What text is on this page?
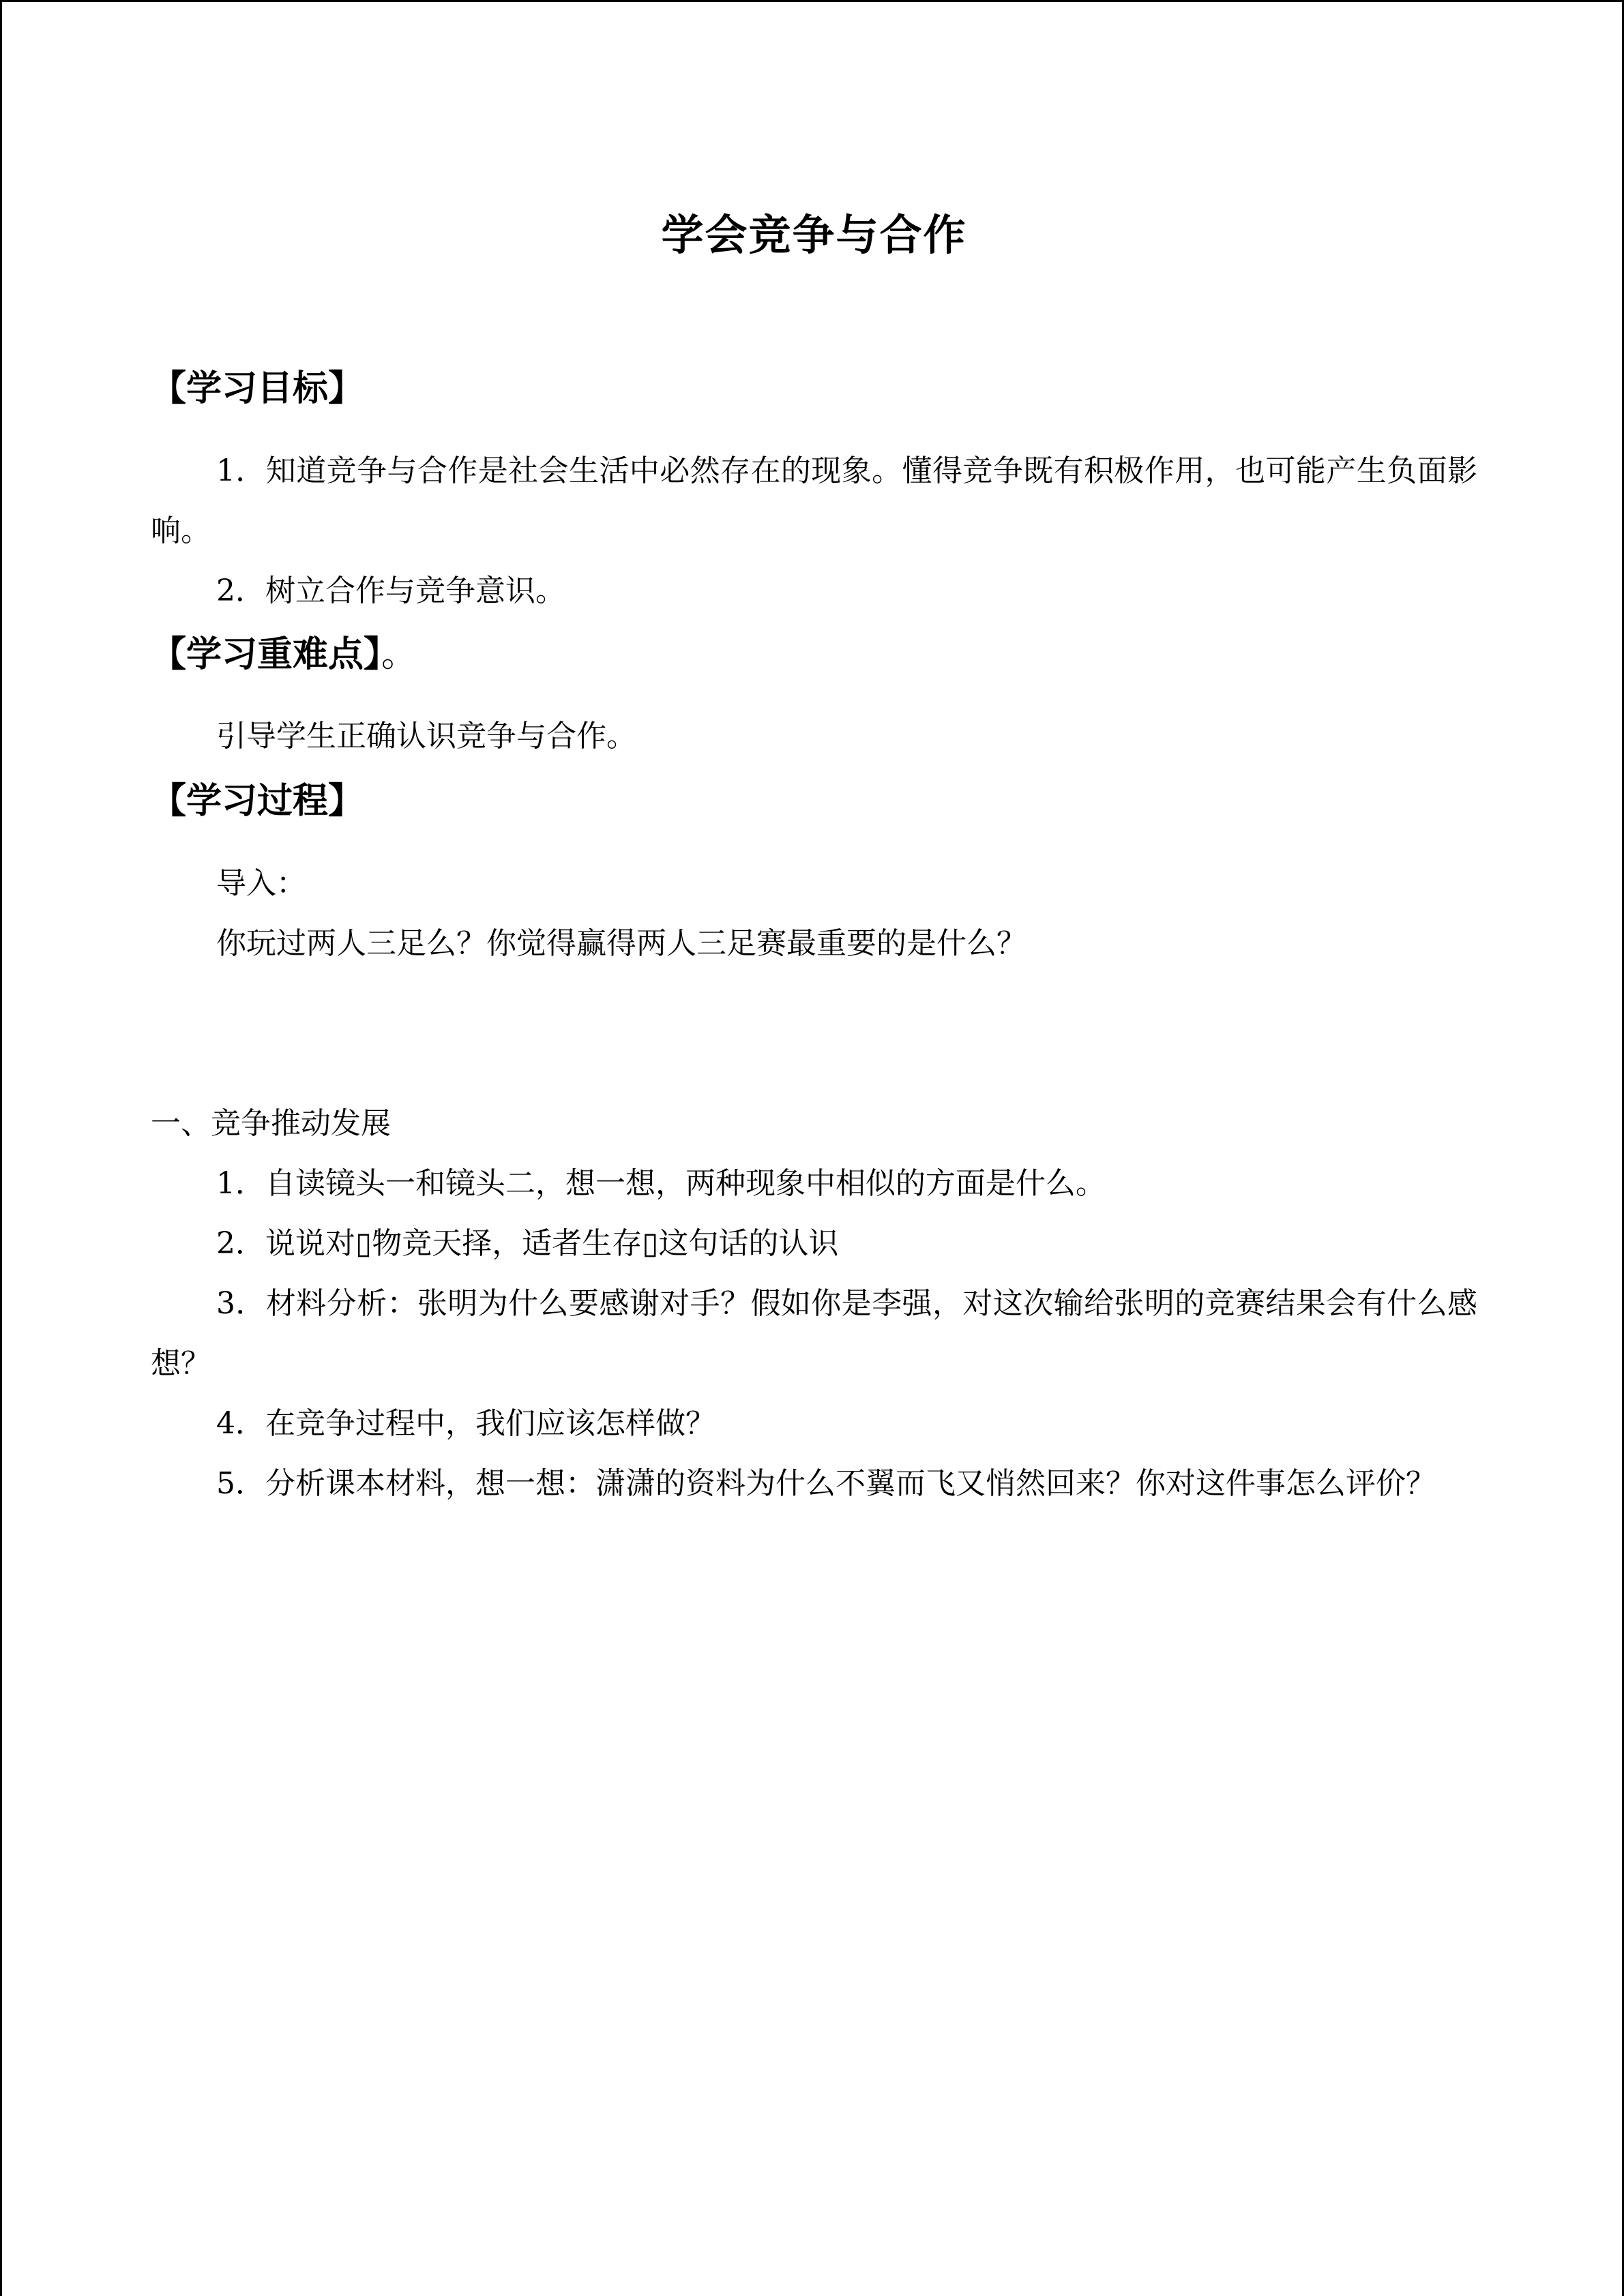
学会竞争与合作
【学习目标】

1．知道竞争与合作是社会生活中必然存在的现象。懂得竞争既有积极作用，也可能产生负面影响。

2．树立合作与竞争意识。

【学习重难点】。

引导学生正确认识竞争与合作。

【学习过程】

导入：

你玩过两人三足么？你觉得赢得两人三足赛最重要的是什么？

一、竞争推动发展

1．自读镜头一和镜头二，想一想，两种现象中相似的方面是什么。

2．说说对▯物竞天择，适者生存▯这句话的认识

3．材料分析：张明为什么要感谢对手？假如你是李强，对这次输给张明的竞赛结果会有什么感想？

4．在竞争过程中，我们应该怎样做？

5．分析课本材料，想一想：潇潇的资料为什么不翼而飞又悄然回来？你对这件事怎么评价？
